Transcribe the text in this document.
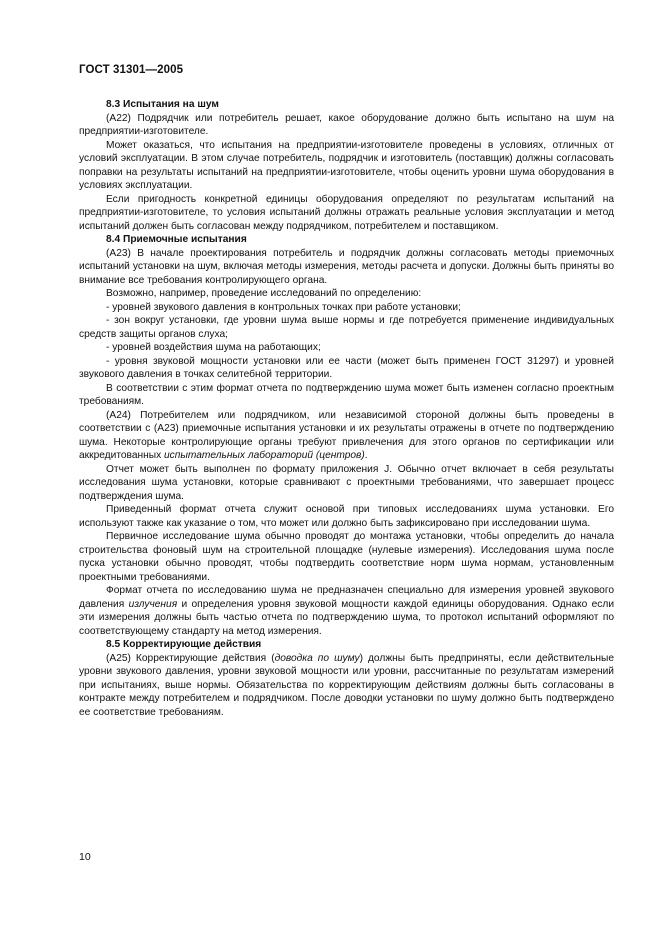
ГОСТ 31301—2005
8.3 Испытания на шум

(А22) Подрядчик или потребитель решает, какое оборудование должно быть испытано на шум на предприятии-изготовителе.

Может оказаться, что испытания на предприятии-изготовителе проведены в условиях, отличных от условий эксплуатации. В этом случае потребитель, подрядчик и изготовитель (поставщик) должны согласовать поправки на результаты испытаний на предприятии-изготовителе, чтобы оценить уровни шума оборудования в условиях эксплуатации.

Если пригодность конкретной единицы оборудования определяют по результатам испытаний на предприятии-изготовителе, то условия испытаний должны отражать реальные условия эксплуатации и метод испытаний должен быть согласован между подрядчиком, потребителем и поставщиком.

8.4 Приемочные испытания

(А23) В начале проектирования потребитель и подрядчик должны согласовать методы приемочных испытаний установки на шум, включая методы измерения, методы расчета и допуски. Должны быть приняты во внимание все требования контролирующего органа.

Возможно, например, проведение исследований по определению:

- уровней звукового давления в контрольных точках при работе установки;

- зон вокруг установки, где уровни шума выше нормы и где потребуется применение индивидуальных средств защиты органов слуха;

- уровней воздействия шума на работающих;

- уровня звуковой мощности установки или ее части (может быть применен ГОСТ 31297) и уровней звукового давления в точках селитебной территории.

В соответствии с этим формат отчета по подтверждению шума может быть изменен согласно проектным требованиям.

(А24) Потребителем или подрядчиком, или независимой стороной должны быть проведены в соответствии с (А23) приемочные испытания установки и их результаты отражены в отчете по подтверждению шума. Некоторые контролирующие органы требуют привлечения для этого органов по сертификации или аккредитованных испытательных лабораторий (центров).

Отчет может быть выполнен по формату приложения J. Обычно отчет включает в себя результаты исследования шума установки, которые сравнивают с проектными требованиями, что завершает процесс подтверждения шума.

Приведенный формат отчета служит основой при типовых исследованиях шума установки. Его используют также как указание о том, что может или должно быть зафиксировано при исследовании шума.

Первичное исследование шума обычно проводят до монтажа установки, чтобы определить до начала строительства фоновый шум на строительной площадке (нулевые измерения). Исследования шума после пуска установки обычно проводят, чтобы подтвердить соответствие норм шума нормам, установленным проектными требованиями.

Формат отчета по исследованию шума не предназначен специально для измерения уровней звукового давления излучения и определения уровня звуковой мощности каждой единицы оборудования. Однако если эти измерения должны быть частью отчета по подтверждению шума, то протокол испытаний оформляют по соответствующему стандарту на метод измерения.

8.5 Корректирующие действия

(А25) Корректирующие действия (доводка по шуму) должны быть предприняты, если действительные уровни звукового давления, уровни звуковой мощности или уровни, рассчитанные по результатам измерений при испытаниях, выше нормы. Обязательства по корректирующим действиям должны быть согласованы в контракте между потребителем и подрядчиком. После доводки установки по шуму должно быть подтверждено ее соответствие требованиям.

10
